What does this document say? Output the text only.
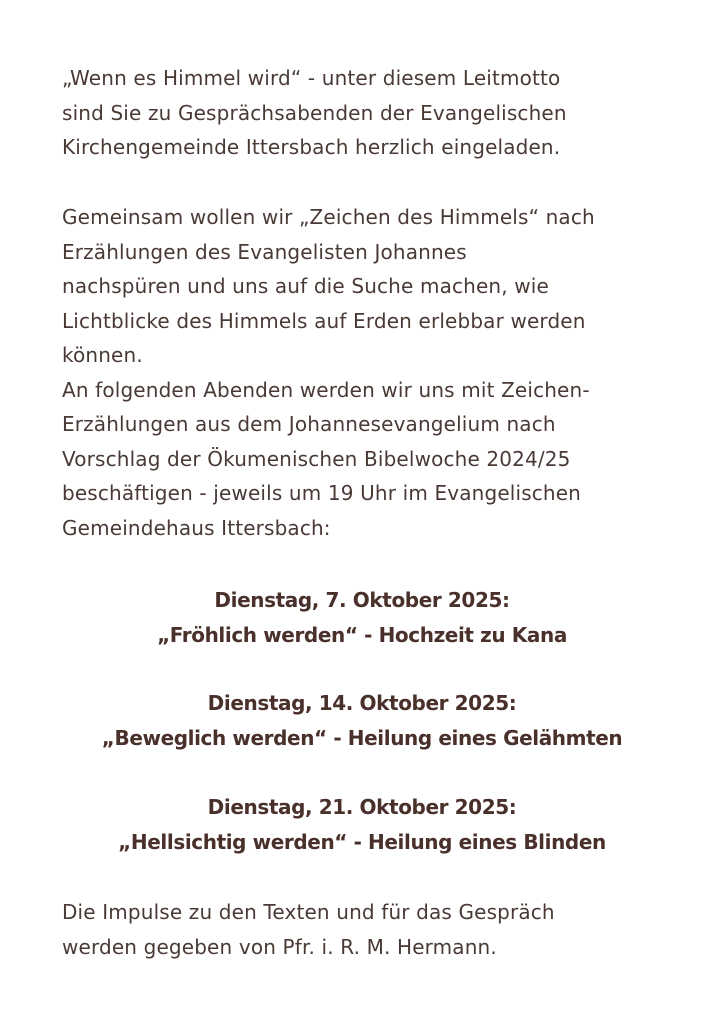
„Wenn es Himmel wird“ - unter diesem Leitmotto
sind Sie zu Gesprächsabenden der Evangelischen
Kirchengemeinde Ittersbach herzlich eingeladen.

Gemeinsam wollen wir „Zeichen des Himmels“ nach
Erzählungen des Evangelisten Johannes
nachspüren und uns auf die Suche machen, wie
Lichtblicke des Himmels auf Erden erlebbar werden
können.
An folgenden Abenden werden wir uns mit Zeichen-
Erzählungen aus dem Johannesevangelium nach
Vorschlag der Ökumenischen Bibelwoche 2024/25
beschäftigen - jeweils um 19 Uhr im Evangelischen
Gemeindehaus Ittersbach:

Dienstag, 7. Oktober 2025:
„Fröhlich werden“ - Hochzeit zu Kana
Dienstag, 14. Oktober 2025:
„Beweglich werden“ - Heilung eines Gelähmten
Dienstag, 21. Oktober 2025:
„Hellsichtig werden“ - Heilung eines Blinden

Die Impulse zu den Texten und für das Gespräch
werden gegeben von Pfr. i. R. M. Hermann.
